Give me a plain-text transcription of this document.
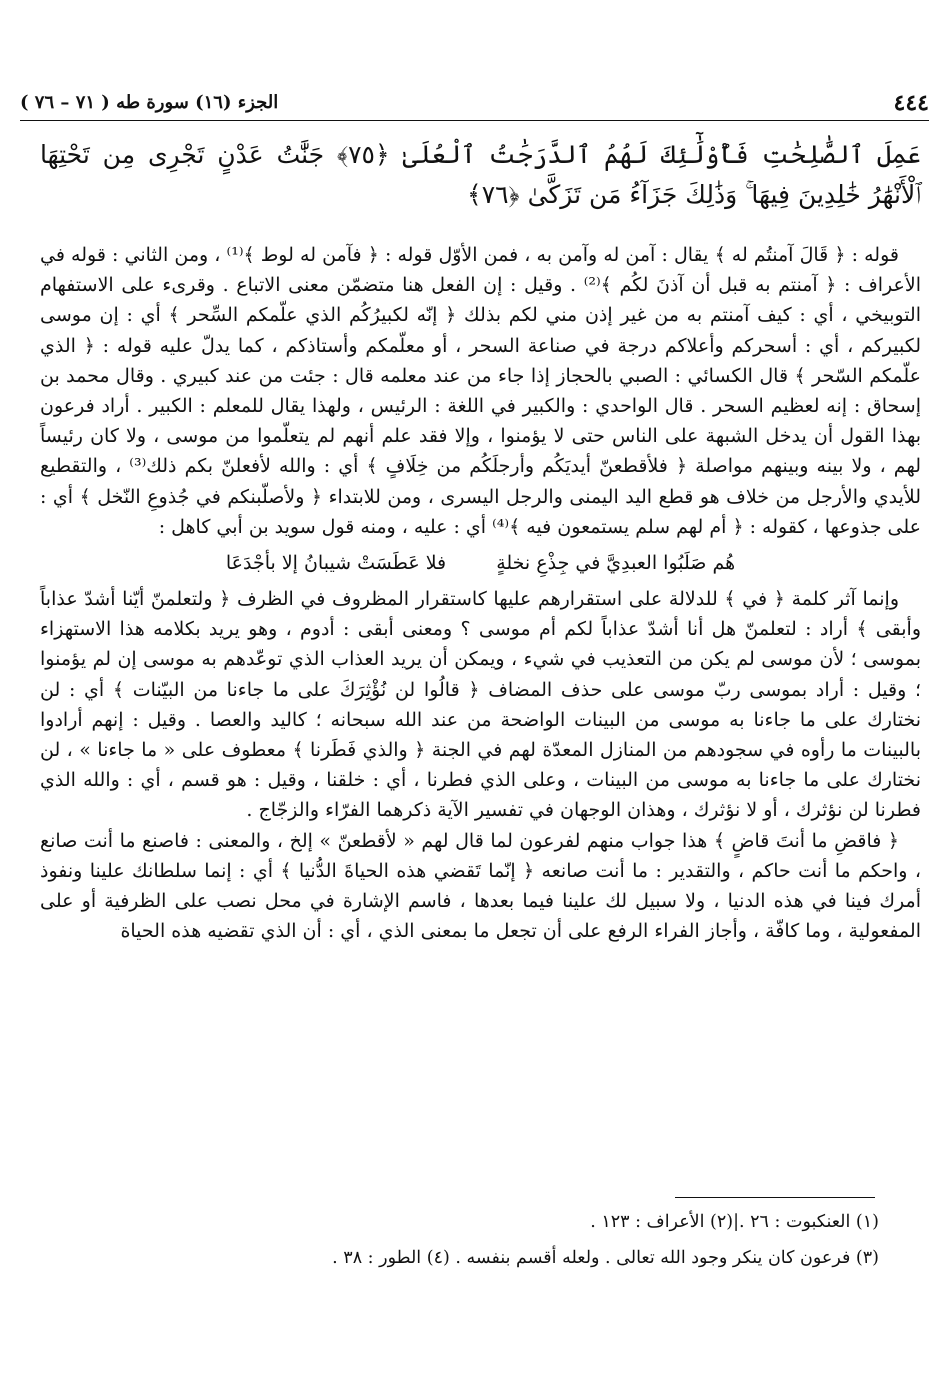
٤٤٤
الجزء (١٦) سورة طه ( ٧١ – ٧٦ )
عَمِلَ ٱلصَّٰلِحَٰتِ فَأُوْلَٰٓئِكَ لَهُمُ ٱلدَّرَجَٰتُ ٱلْعُلَىٰ ﴿٧٥﴾ جَنَّٰتُ عَدْنٍ تَجْرِى مِن تَحْتِهَا ٱلْأَنْهَٰرُ خَٰلِدِينَ فِيهَا ۚ وَذَٰلِكَ جَزَآءُ مَن تَزَكَّىٰ ﴿٧٦﴾

قوله : ﴿ قَالَ آمنتُم له ﴾ يقال : آمن له وآمن به ، فمن الأوّل قوله : ﴿ فآمن له لوط ﴾⁽¹⁾ ، ومن الثاني : قوله في الأعراف : ﴿ آمنتم به قبل أن آذنَ لكُم ﴾⁽²⁾ . وقيل : إن الفعل هنا متضمّن معنى الاتباع . وقرىء على الاستفهام التوبيخي ، أي : كيف آمنتم به من غير إذن مني لكم بذلك ﴿ إنّه لكبيرُكُم الذي علّمكم السِّحر ﴾ أي : إن موسى لكبيركم ، أي : أسحركم وأعلاكم درجة في صناعة السحر ، أو معلّمكم وأستاذكم ، كما يدلّ عليه قوله : ﴿ الذي علّمكم السّحر ﴾ قال الكسائي : الصبي بالحجاز إذا جاء من عند معلمه قال : جئت من عند كبيري . وقال محمد بن إسحاق : إنه لعظيم السحر . قال الواحدي : والكبير في اللغة : الرئيس ، ولهذا يقال للمعلم : الكبير . أراد فرعون بهذا القول أن يدخل الشبهة على الناس حتى لا يؤمنوا ، وإلا فقد علم أنهم لم يتعلّموا من موسى ، ولا كان رئيساً لهم ، ولا بينه وبينهم مواصلة ﴿ فلأقطعنّ أيديَكُم وأرجلَكُم من خِلَافٍ ﴾ أي : والله لأفعلنّ بكم ذلك⁽³⁾ ، والتقطيع للأيدي والأرجل من خلاف هو قطع اليد اليمنى والرجل اليسرى ، ومن للابتداء ﴿ ولأصلّبنكم في جُذوعِ النّخل ﴾ أي : على جذوعها ، كقوله : ﴿ أم لهم سلم يستمعون فيه ﴾⁽⁴⁾ أي : عليه ، ومنه قول سويد بن أبي كاهل :

هُم صَلَبُوا العبدِيَّ في جِذْعِ نخلةٍ فلا عَطَسَتْ شيبانُ إلا بأجْدَعَا

وإنما آثر كلمة ﴿ في ﴾ للدلالة على استقرارهم عليها كاستقرار المظروف في الظرف ﴿ ولتعلمنّ أيّنا أشدّ عذاباً وأبقى ﴾ أراد : لتعلمنّ هل أنا أشدّ عذاباً لكم أم موسى ؟ ومعنى أبقى : أدوم ، وهو يريد بكلامه هذا الاستهزاء بموسى ؛ لأن موسى لم يكن من التعذيب في شيء ، ويمكن أن يريد العذاب الذي توعّدهم به موسى إن لم يؤمنوا ؛ وقيل : أراد بموسى ربّ موسى على حذف المضاف ﴿ قالُوا لن نُؤْثِرَكَ على ما جاءنا من البيّنات ﴾ أي : لن نختارك على ما جاءنا به موسى من البينات الواضحة من عند الله سبحانه ؛ كاليد والعصا . وقيل : إنهم أرادوا بالبينات ما رأوه في سجودهم من المنازل المعدّة لهم في الجنة ﴿ والذي فَطَرنا ﴾ معطوف على « ما جاءنا » ، لن نختارك على ما جاءنا به موسى من البينات ، وعلى الذي فطرنا ، أي : خلقنا ، وقيل : هو قسم ، أي : والله الذي فطرنا لن نؤثرك ، أو لا نؤثرك ، وهذان الوجهان في تفسير الآية ذكرهما الفرّاء والزجّاج .

﴿ فاقضِ ما أنتَ قاضٍ ﴾ هذا جواب منهم لفرعون لما قال لهم « لأقطعنّ » إلخ ، والمعنى : فاصنع ما أنت صانع ، واحكم ما أنت حاكم ، والتقدير : ما أنت صانعه ﴿ إنّما تَقضي هذه الحياةَ الدُّنيا ﴾ أي : إنما سلطانك علينا ونفوذ أمرك فينا في هذه الدنيا ، ولا سبيل لك علينا فيما بعدها ، فاسم الإشارة في محل نصب على الظرفية أو على المفعولية ، وما كافّة ، وأجاز الفراء الرفع على أن تجعل ما بمعنى الذي ، أي : أن الذي تقضيه هذه الحياة

(١) العنكبوت : ٢٦ .|(٢) الأعراف : ١٢٣ .

(٣) فرعون كان ينكر وجود الله تعالى . ولعله أقسم بنفسه . (٤) الطور : ٣٨ .
